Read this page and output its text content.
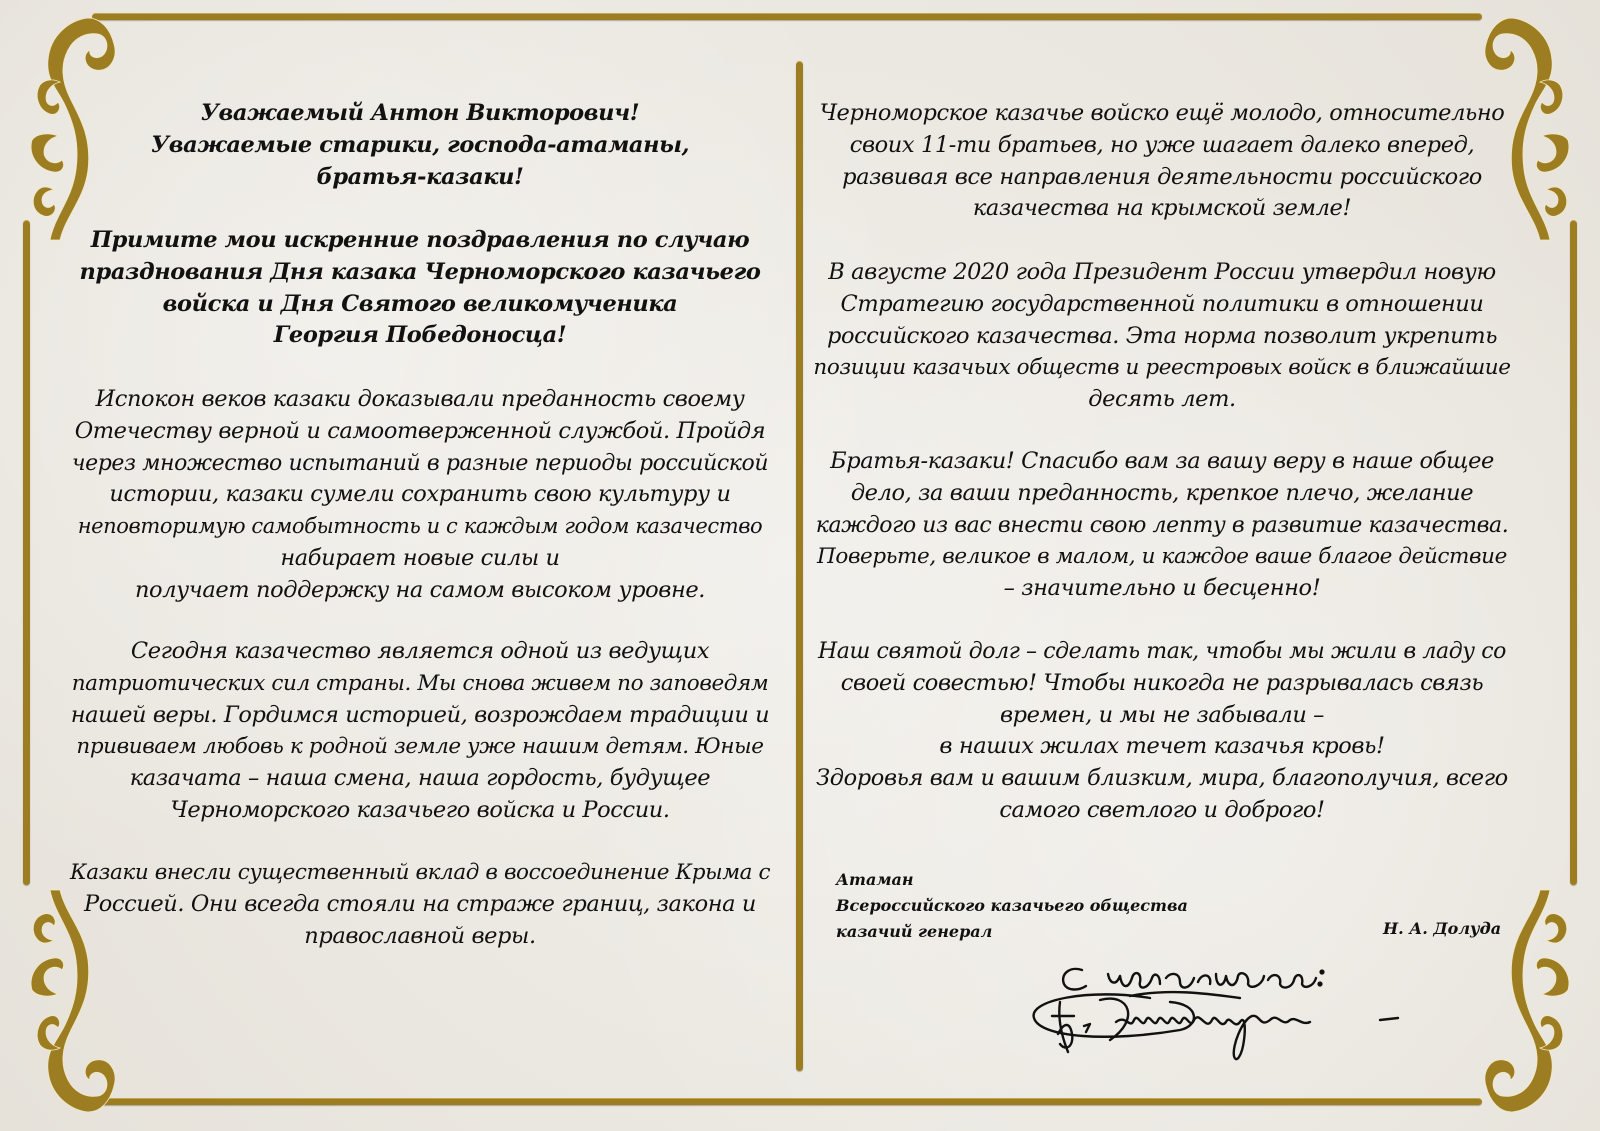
Уважаемый Антон Викторович!

Уважаемые старики, господа-атаманы,

братья-казаки!

Примите мои искренние поздравления по случаю

празднования Дня казака Черноморского казачьего

войска и Дня Святого великомученика

Георгия Победоносца!

Испокон веков казаки доказывали преданность своему

Отечеству верной и самоотверженной службой. Пройдя

через множество испытаний в разные периоды российской

истории, казаки сумели сохранить свою культуру и

неповторимую самобытность и с каждым годом казачество

набирает новые силы и

получает поддержку на самом высоком уровне.

Сегодня казачество является одной из ведущих

патриотических сил страны. Мы снова живем по заповедям

нашей веры. Гордимся историей, возрождаем традиции и

прививаем любовь к родной земле уже нашим детям. Юные

казачата – наша смена, наша гордость, будущее

Черноморского казачьего войска и России.

Казаки внесли существенный вклад в воссоединение Крыма с

Россией. Они всегда стояли на страже границ, закона и

православной веры.

Черноморское казачье войско ещё молодо, относительно

своих 11-ти братьев, но уже шагает далеко вперед,

развивая все направления деятельности российского

казачества на крымской земле!

В августе 2020 года Президент России утвердил новую

Стратегию государственной политики в отношении

российского казачества. Эта норма позволит укрепить

позиции казачьих обществ и реестровых войск в ближайшие

десять лет.

Братья-казаки! Спасибо вам за вашу веру в наше общее

дело, за ваши преданность, крепкое плечо, желание

каждого из вас внести свою лепту в развитие казачества.

Поверьте, великое в малом, и каждое ваше благое действие

– значительно и бесценно!

Наш святой долг – сделать так, чтобы мы жили в ладу со

своей совестью! Чтобы никогда не разрывалась связь

времен, и мы не забывали –

в наших жилах течет казачья кровь!

Здоровья вам и вашим близким, мира, благополучия, всего

самого светлого и доброго!

Атаман
Всероссийского казачьего общества
казачий генерал	Н. А. Долуда
